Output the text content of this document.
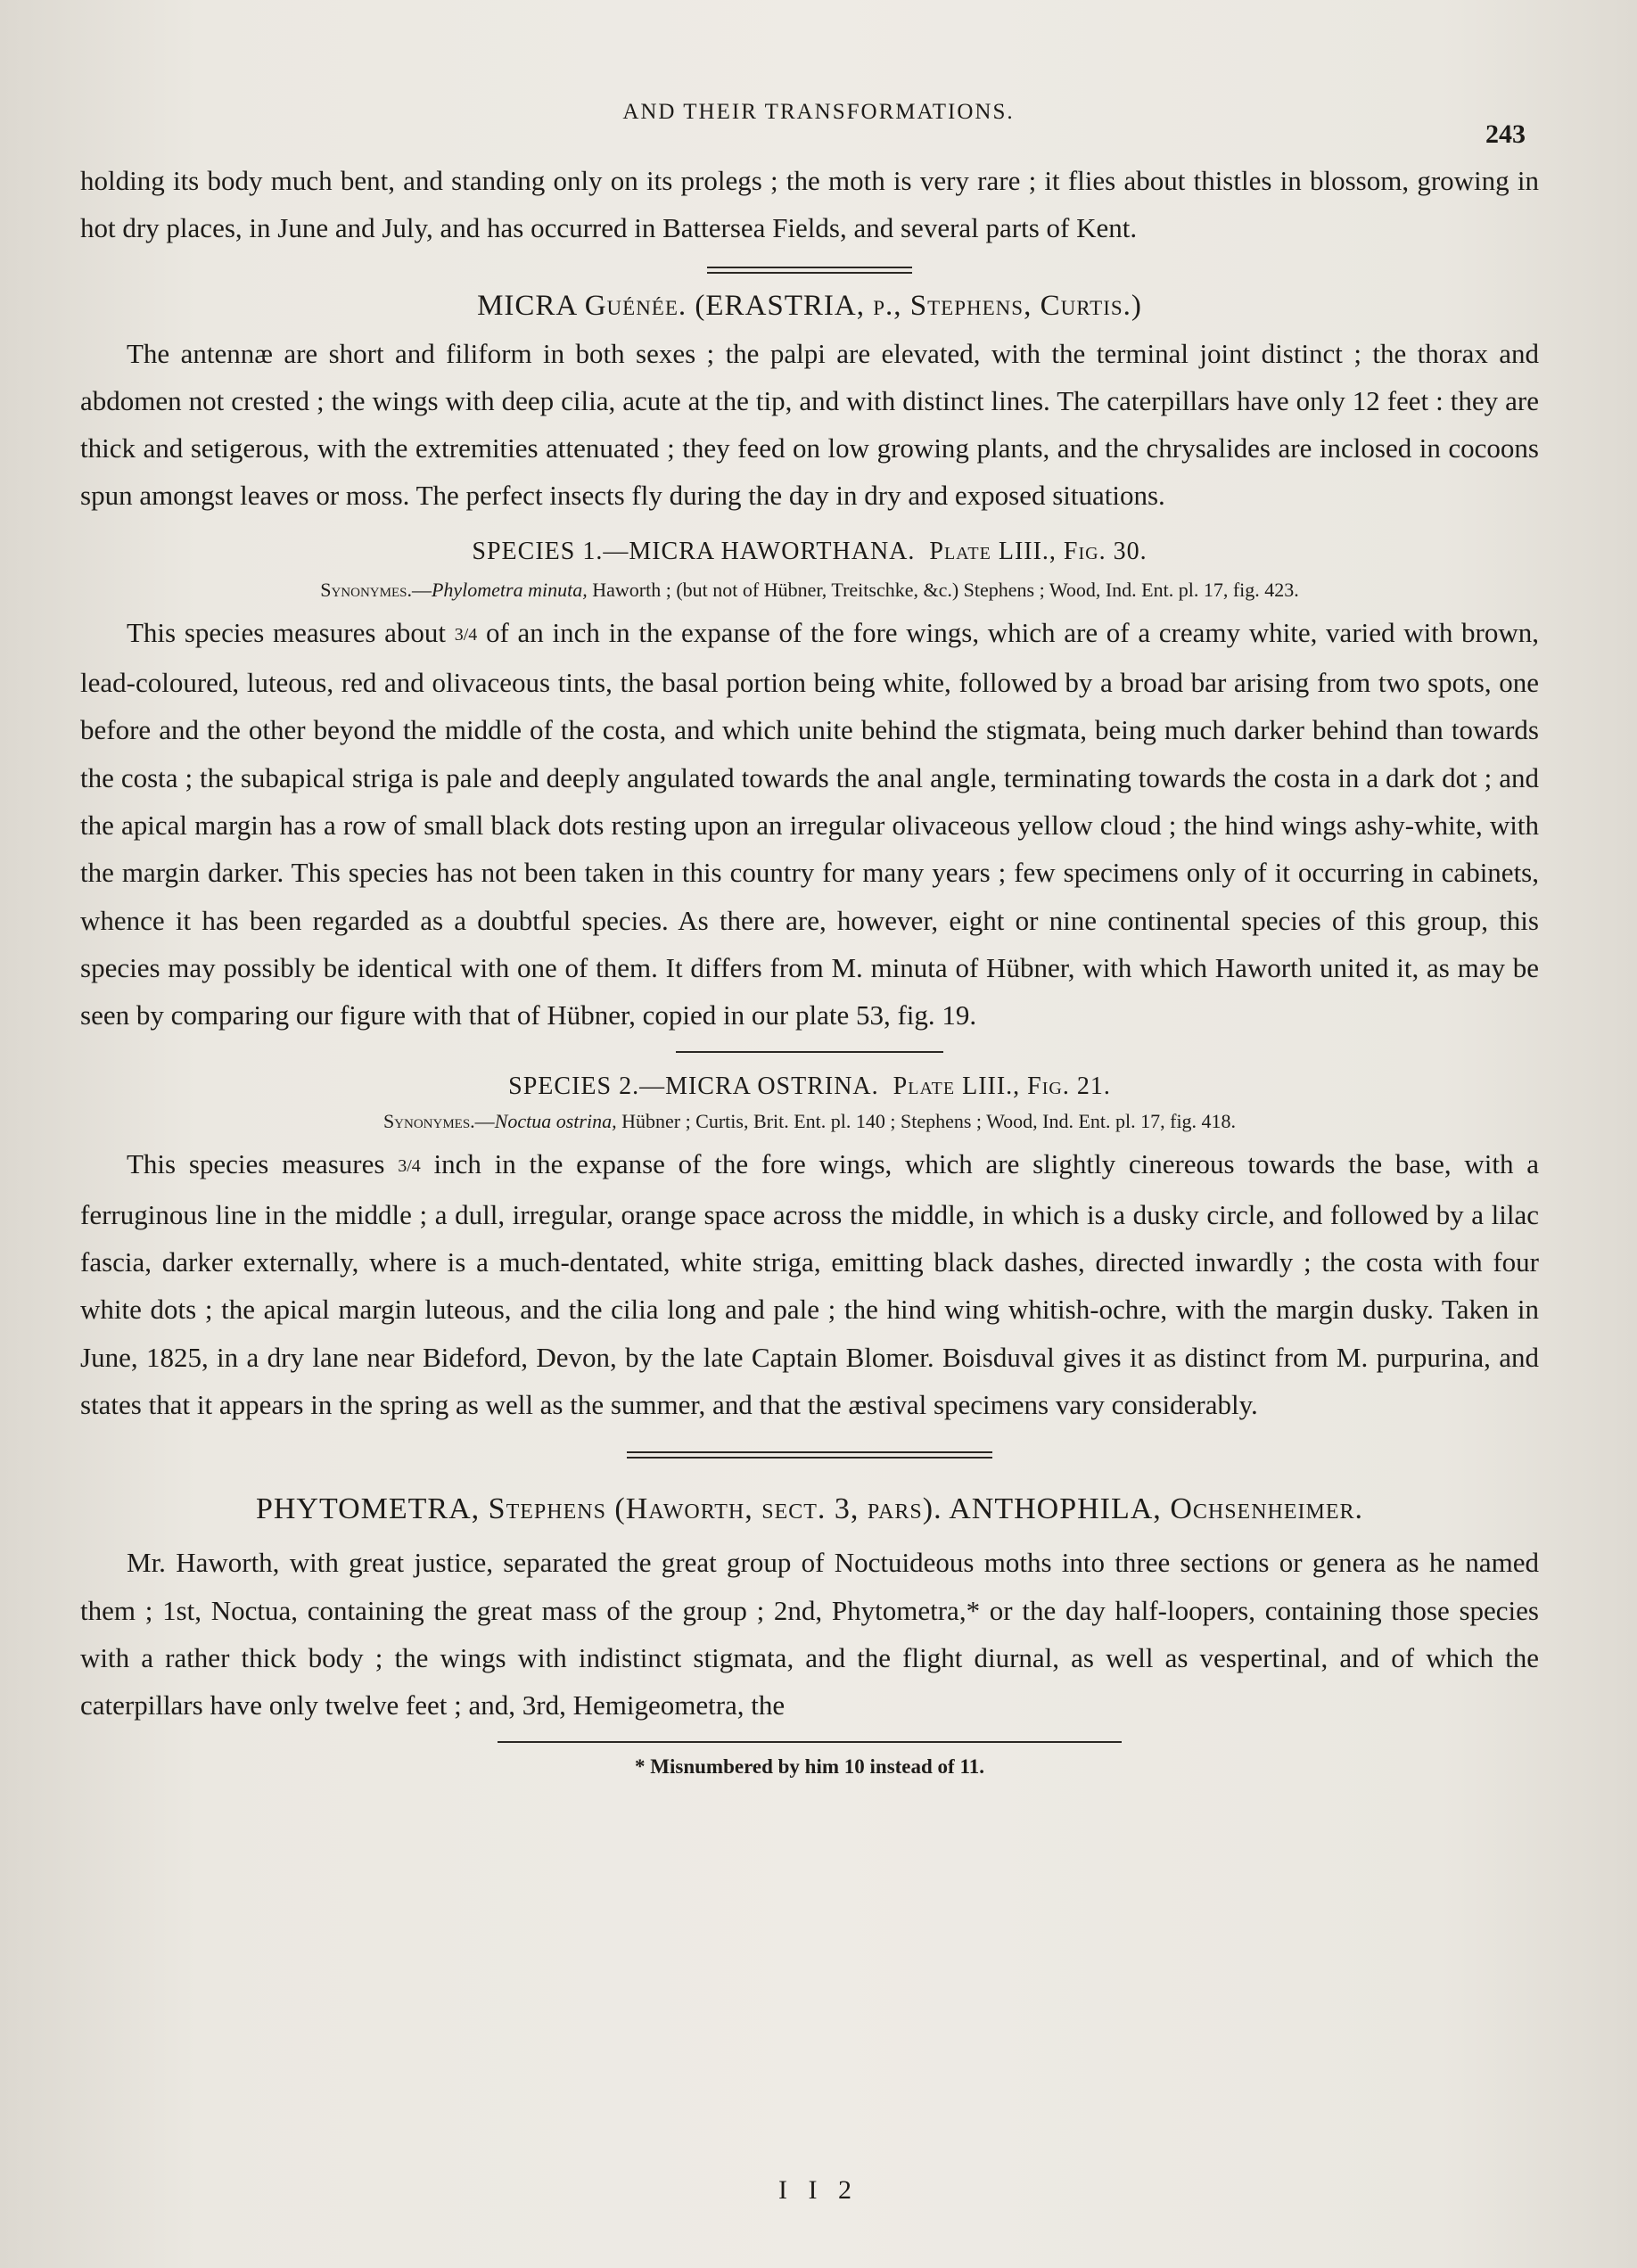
AND THEIR TRANSFORMATIONS.
243

holding its body much bent, and standing only on its prolegs ; the moth is very rare ; it flies about thistles in blossom, growing in hot dry places, in June and July, and has occurred in Battersea Fields, and several parts of Kent.

MICRA Guénée. (ERASTRIA, p., Stephens, Curtis.)

The antennæ are short and filiform in both sexes ; the palpi are elevated, with the terminal joint distinct ; the thorax and abdomen not crested ; the wings with deep cilia, acute at the tip, and with distinct lines. The caterpillars have only 12 feet : they are thick and setigerous, with the extremities attenuated ; they feed on low growing plants, and the chrysalides are inclosed in cocoons spun amongst leaves or moss. The perfect insects fly during the day in dry and exposed situations.

SPECIES 1.—MICRA HAWORTHANA. Plate LIII., Fig. 30.
Synonymes.—Phylometra minuta, Haworth ; (but not of Hübner, Treitschke, &c.) Stephens ; Wood, Ind. Ent. pl. 17, fig. 423.

This species measures about 3/4 of an inch in the expanse of the fore wings, which are of a creamy white, varied with brown, lead-coloured, luteous, red and olivaceous tints, the basal portion being white, followed by a broad bar arising from two spots, one before and the other beyond the middle of the costa, and which unite behind the stigmata, being much darker behind than towards the costa ; the subapical striga is pale and deeply angulated towards the anal angle, terminating towards the costa in a dark dot ; and the apical margin has a row of small black dots resting upon an irregular olivaceous yellow cloud ; the hind wings ashy-white, with the margin darker. This species has not been taken in this country for many years ; few specimens only of it occurring in cabinets, whence it has been regarded as a doubtful species. As there are, however, eight or nine continental species of this group, this species may possibly be identical with one of them. It differs from M. minuta of Hübner, with which Haworth united it, as may be seen by comparing our figure with that of Hübner, copied in our plate 53, fig. 19.

SPECIES 2.—MICRA OSTRINA. Plate LIII., Fig. 21.
Synonymes.—Noctua ostrina, Hübner ; Curtis, Brit. Ent. pl. 140 ; Stephens ; Wood, Ind. Ent. pl. 17, fig. 418.

This species measures 3/4 inch in the expanse of the fore wings, which are slightly cinereous towards the base, with a ferruginous line in the middle ; a dull, irregular, orange space across the middle, in which is a dusky circle, and followed by a lilac fascia, darker externally, where is a much-dentated, white striga, emitting black dashes, directed inwardly ; the costa with four white dots ; the apical margin luteous, and the cilia long and pale ; the hind wing whitish-ochre, with the margin dusky. Taken in June, 1825, in a dry lane near Bideford, Devon, by the late Captain Blomer. Boisduval gives it as distinct from M. purpurina, and states that it appears in the spring as well as the summer, and that the æstival specimens vary considerably.

PHYTOMETRA, Stephens (Haworth, sect. 3, pars). ANTHOPHILA, Ochsenheimer.

Mr. Haworth, with great justice, separated the great group of Noctuideous moths into three sections or genera as he named them ; 1st, Noctua, containing the great mass of the group ; 2nd, Phytometra,* or the day half-loopers, containing those species with a rather thick body ; the wings with indistinct stigmata, and the flight diurnal, as well as vespertinal, and of which the caterpillars have only twelve feet ; and, 3rd, Hemigeometra, the

* Misnumbered by him 10 instead of 11.
I I 2
